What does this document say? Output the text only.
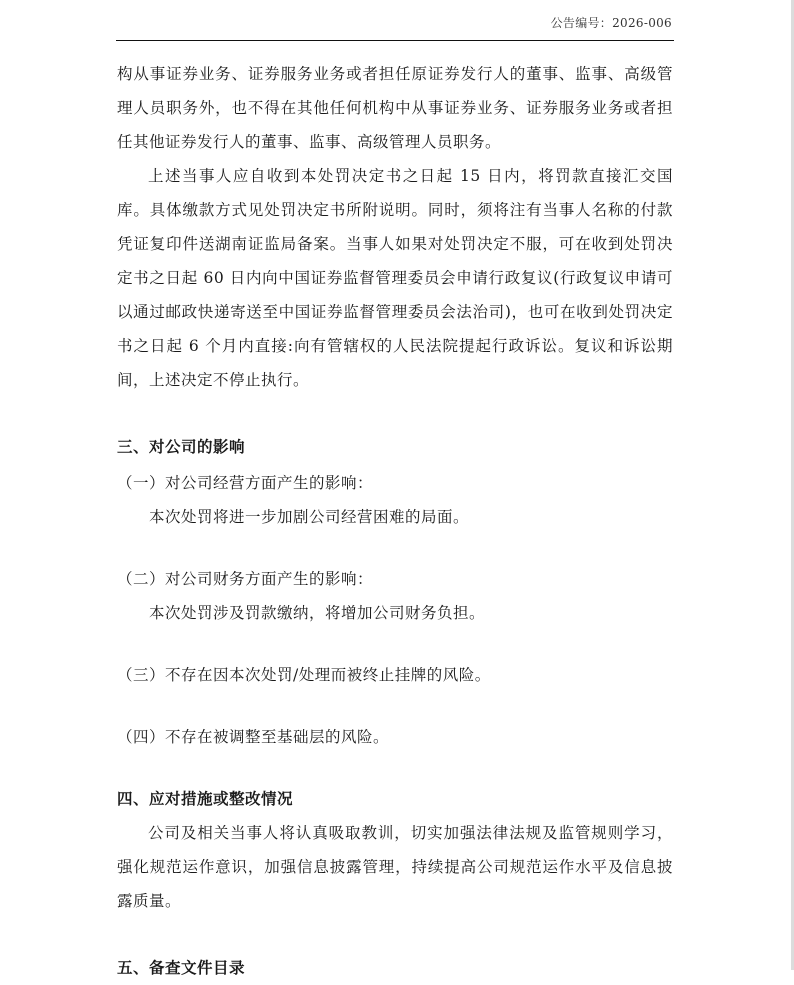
公告编号：2026-006

构从事证券业务、证券服务业务或者担任原证券发行人的董事、监事、高级管理人员职务外，也不得在其他任何机构中从事证券业务、证券服务业务或者担任其他证券发行人的董事、监事、高级管理人员职务。

上述当事人应自收到本处罚决定书之日起 15 日内，将罚款直接汇交国库。具体缴款方式见处罚决定书所附说明。同时，须将注有当事人名称的付款凭证复印件送湖南证监局备案。当事人如果对处罚决定不服，可在收到处罚决定书之日起 60 日内向中国证券监督管理委员会申请行政复议(行政复议申请可以通过邮政快递寄送至中国证券监督管理委员会法治司)，也可在收到处罚决定书之日起 6 个月内直接:向有管辖权的人民法院提起行政诉讼。复议和诉讼期间，上述决定不停止执行。

三、对公司的影响

（一）对公司经营方面产生的影响：

本次处罚将进一步加剧公司经营困难的局面。

（二）对公司财务方面产生的影响：

本次处罚涉及罚款缴纳，将增加公司财务负担。

（三）不存在因本次处罚/处理而被终止挂牌的风险。

（四）不存在被调整至基础层的风险。

四、应对措施或整改情况

公司及相关当事人将认真吸取教训，切实加强法律法规及监管规则学习，强化规范运作意识，加强信息披露管理，持续提高公司规范运作水平及信息披露质量。

五、备查文件目录
